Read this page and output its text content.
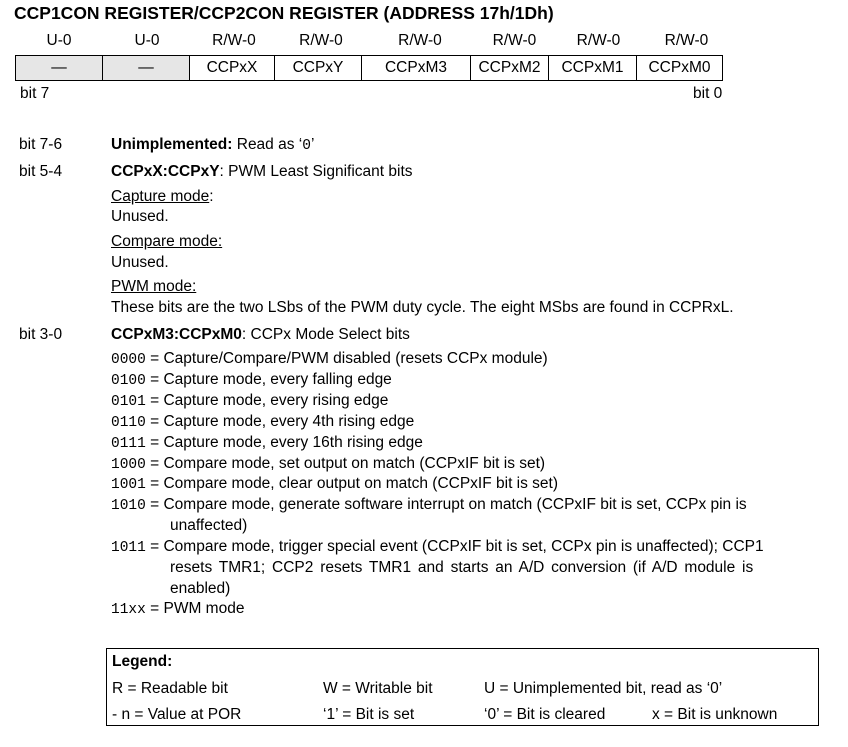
CCP1CON REGISTER/CCP2CON REGISTER (ADDRESS 17h/1Dh)
U-0	U-0	R/W-0	R/W-0	R/W-0	R/W-0	R/W-0	R/W-0
—	—	CCPxX	CCPxY	CCPxM3	CCPxM2	CCPxM1	CCPxM0
bit 7	bit 0
bit 7-6	Unimplemented: Read as ‘0’
bit 5-4	CCPxX:CCPxY: PWM Least Significant bits
Capture mode:
Unused.
Compare mode:
Unused.
PWM mode:
These bits are the two LSbs of the PWM duty cycle. The eight MSbs are found in CCPRxL.
bit 3-0	CCPxM3:CCPxM0: CCPx Mode Select bits
0000 = Capture/Compare/PWM disabled (resets CCPx module)
0100 = Capture mode, every falling edge
0101 = Capture mode, every rising edge
0110 = Capture mode, every 4th rising edge
0111 = Capture mode, every 16th rising edge
1000 = Compare mode, set output on match (CCPxIF bit is set)
1001 = Compare mode, clear output on match (CCPxIF bit is set)
1010 = Compare mode, generate software interrupt on match (CCPxIF bit is set, CCPx pin is
unaffected)
1011 = Compare mode, trigger special event (CCPxIF bit is set, CCPx pin is unaffected); CCP1
resets TMR1; CCP2 resets TMR1 and starts an A/D conversion (if A/D module is
enabled)
11xx = PWM mode
Legend:
R = Readable bit	W = Writable bit	U = Unimplemented bit, read as ‘0’
- n = Value at POR	‘1’ = Bit is set	‘0’ = Bit is cleared	x = Bit is unknown
